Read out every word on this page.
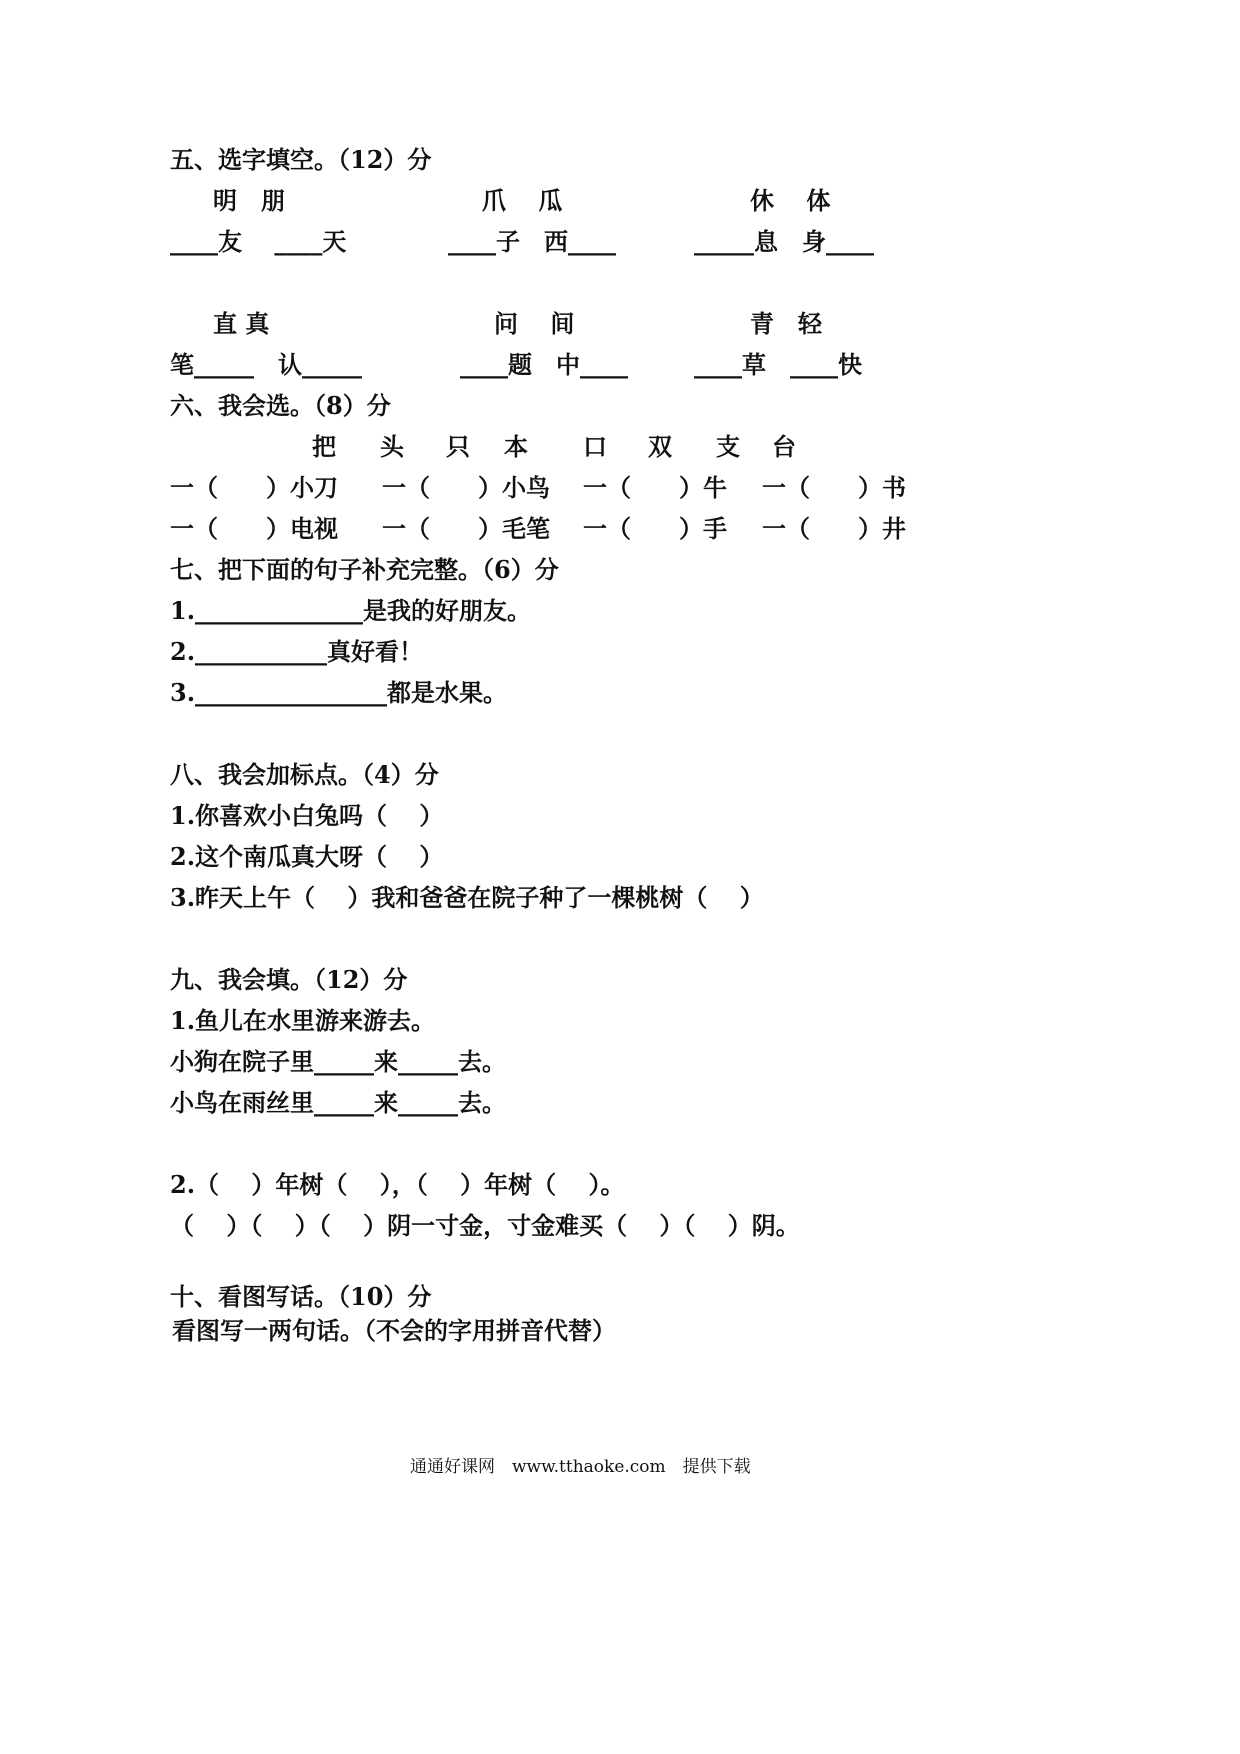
五、选字填空。（12）分
明　朋	爪　 瓜	休　 体
____友　 ____天	____子　西____	_____息　身____
直 真	问　 间	青　轻
笔_____　认_____	____题　中____	____草　____快
六、我会选。（8）分
把 头 只 本 口 双 支 台
一（　　）小刀 一（　　）小鸟 一（　　）牛 一（　　）书
一（　　）电视 一（　　）毛笔 一（　　）手 一（　　）井
七、把下面的句子补充完整。（6）分
1.______________是我的好朋友。
2.___________真好看！
3.________________都是水果。
八、我会加标点。（4）分
1.你喜欢小白兔吗（　 ）
2.这个南瓜真大呀（　 ）
3.昨天上午（　 ）我和爸爸在院子种了一棵桃树（　 ）
九、我会填。（12）分
1.鱼儿在水里游来游去。
小狗在院子里_____来_____去。
小鸟在雨丝里_____来_____去。
2.（　 ）年树（　 ），（　 ）年树（　 ）。
（　 ）（　 ）（　 ）阴一寸金，寸金难买（　 ）（　 ）阴。
十、看图写话。（10）分
看图写一两句话。（不会的字用拼音代替）
通通好课网　www.tthaoke.com　提供下载
